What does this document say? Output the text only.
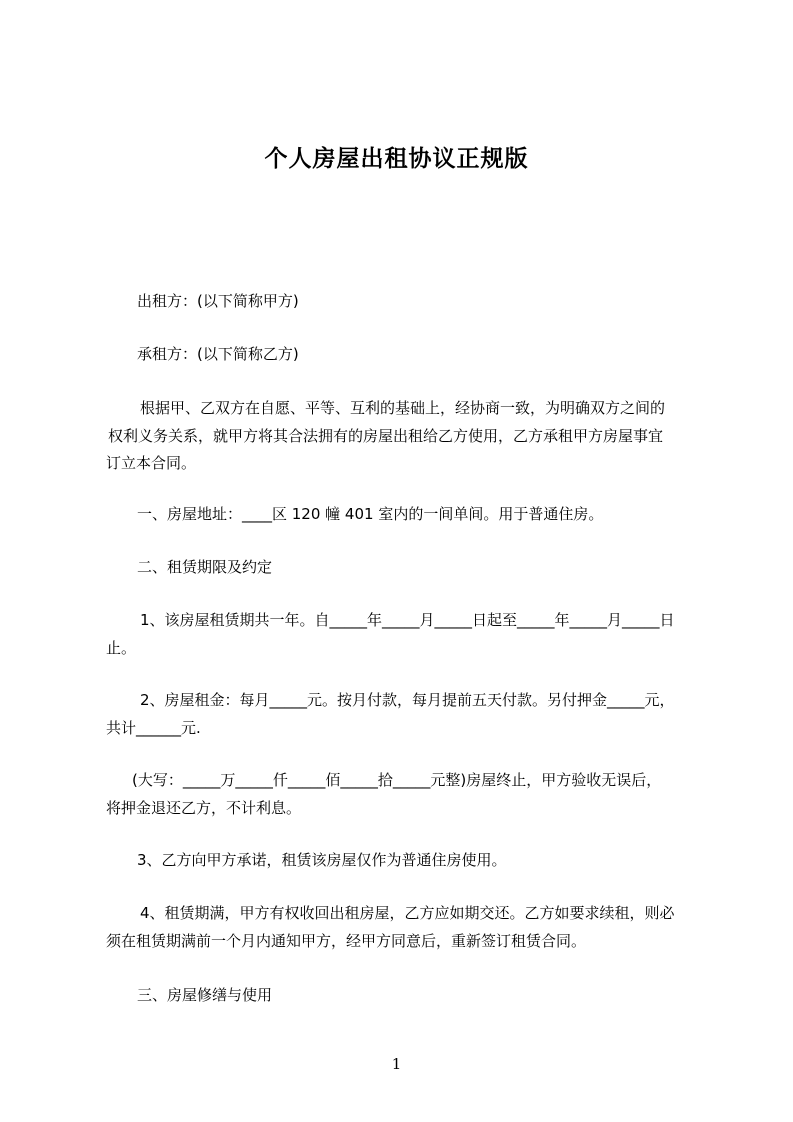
个人房屋出租协议正规版
出租方：(以下简称甲方)
承租方：(以下简称乙方)
根据甲、乙双方在自愿、平等、互利的基础上，经协商一致，为明确双方之间的
权利义务关系，就甲方将其合法拥有的房屋出租给乙方使用，乙方承租甲方房屋事宜
订立本合同。
一、房屋地址：____区 120 幢 401 室内的一间单间。用于普通住房。
二、租赁期限及约定
1、该房屋租赁期共一年。自_____年_____月_____日起至_____年_____月_____日
止。
2、房屋租金：每月_____元。按月付款，每月提前五天付款。另付押金_____元，
共计______元.
(大写：_____万_____仟_____佰_____拾_____元整)房屋终止，甲方验收无误后，
将押金退还乙方，不计利息。
3、乙方向甲方承诺，租赁该房屋仅作为普通住房使用。
4、租赁期满，甲方有权收回出租房屋，乙方应如期交还。乙方如要求续租，则必
须在租赁期满前一个月内通知甲方，经甲方同意后，重新签订租赁合同。
三、房屋修缮与使用
1
